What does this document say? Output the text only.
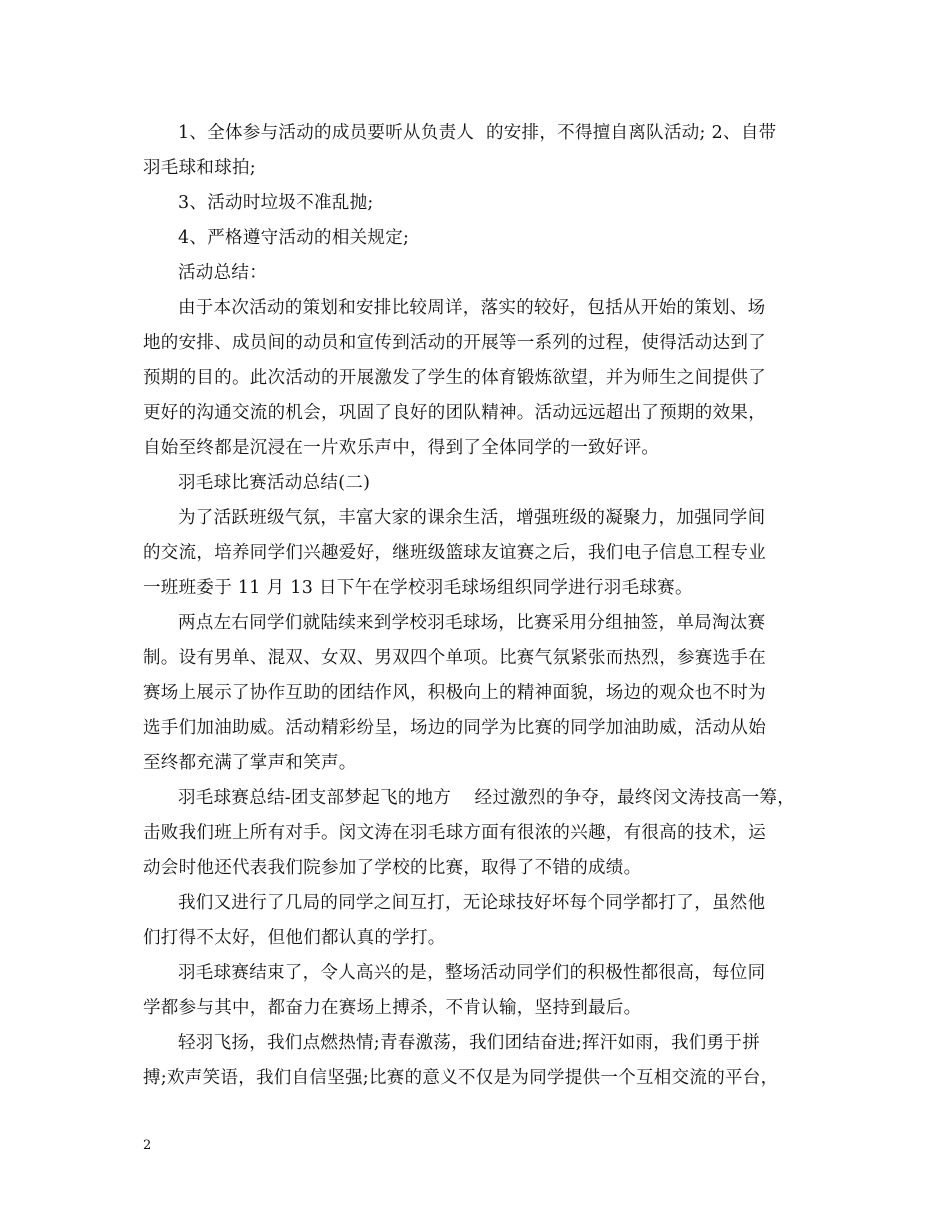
1、全体参与活动的成员要听从负责人  的安排，不得擅自离队活动; 2、自带
羽毛球和球拍;
3、活动时垃圾不准乱抛;
4、严格遵守活动的相关规定;
活动总结：
由于本次活动的策划和安排比较周详，落实的较好，包括从开始的策划、场
地的安排、成员间的动员和宣传到活动的开展等一系列的过程，使得活动达到了
预期的目的。此次活动的开展激发了学生的体育锻炼欲望，并为师生之间提供了
更好的沟通交流的机会，巩固了良好的团队精神。活动远远超出了预期的效果，
自始至终都是沉浸在一片欢乐声中，得到了全体同学的一致好评。
羽毛球比赛活动总结(二)
为了活跃班级气氛，丰富大家的课余生活，增强班级的凝聚力，加强同学间
的交流，培养同学们兴趣爱好，继班级篮球友谊赛之后，我们电子信息工程专业
一班班委于 11 月 13 日下午在学校羽毛球场组织同学进行羽毛球赛。
两点左右同学们就陆续来到学校羽毛球场，比赛采用分组抽签，单局淘汰赛
制。设有男单、混双、女双、男双四个单项。比赛气氛紧张而热烈，参赛选手在
赛场上展示了协作互助的团结作风，积极向上的精神面貌，场边的观众也不时为
选手们加油助威。活动精彩纷呈，场边的同学为比赛的同学加油助威，活动从始
至终都充满了掌声和笑声。
羽毛球赛总结-团支部梦起飞的地方    经过激烈的争夺，最终闵文涛技高一筹，
击败我们班上所有对手。闵文涛在羽毛球方面有很浓的兴趣，有很高的技术，运
动会时他还代表我们院参加了学校的比赛，取得了不错的成绩。
我们又进行了几局的同学之间互打，无论球技好坏每个同学都打了，虽然他
们打得不太好，但他们都认真的学打。
羽毛球赛结束了，令人高兴的是，整场活动同学们的积极性都很高，每位同
学都参与其中，都奋力在赛场上搏杀，不肯认输，坚持到最后。
轻羽飞扬，我们点燃热情;青春激荡，我们团结奋进;挥汗如雨，我们勇于拼
搏;欢声笑语，我们自信坚强;比赛的意义不仅是为同学提供一个互相交流的平台，
2
